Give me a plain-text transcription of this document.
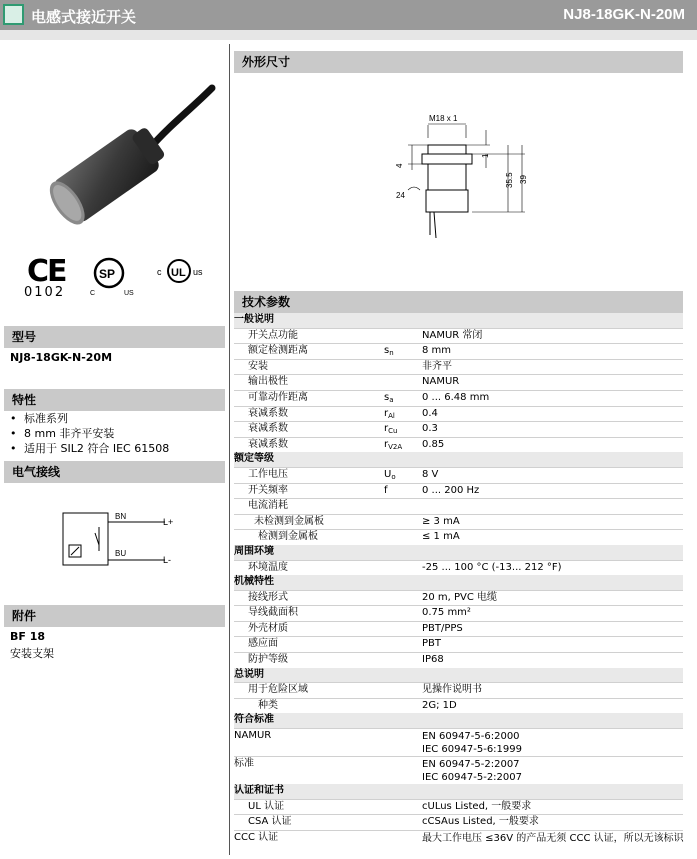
电感式接近开关	NJ8-18GK-N-20M
CE
0102
SP
C	US
c UL us
型号
NJ8-18GK-N-20M
特性
• 标准系列
• 8 mm 非齐平安装
• 适用于 SIL2 符合 IEC 61508
电气接线
BN
BU
L+
L-
附件
BF 18
安装支架
外形尺寸
M18 x 1
1
35.5 39
4
24
技术参数
一般说明
开关点功能	NAMUR 常闭
额定检测距离	$s_n$	8 mm
安装	非齐平
输出极性	NAMUR
可靠动作距离	$s_a$	0 ... 6.48 mm
衰减系数	$r_{Al}$	0.4
衰减系数	$r_{Cu}$ 0.3
衰减系数	$r_{V2A}$ 0.85
额定等级
工作电压	$U_o$	8 V
开关频率	f	0 ... 200 Hz
电流消耗
未检测到金属板	≥ 3 mA
检测到金属板	≤ 1 mA
周围环境
环境温度	-25 ... 100 °C (-13... 212 °F)
机械特性
接线形式	20 m, PVC 电缆
导线截面积	0.75 mm²
外壳材质	PBT/PPS
感应面	PBT
防护等级	IP68
总说明
用于危险区域	见操作说明书
种类	2G; 1D
符合标准
NAMUR	EN 60947-5-6:2000
IEC 60947-5-6:1999
标准	EN 60947-5-2:2007
IEC 60947-5-2:2007
认证和证书
UL 认证	cULus Listed, 一般要求
CSA 认证	cCSAus Listed, 一般要求
CCC 认证	最大工作电压 ≤36V 的产品无须 CCC 认证，所以无该标识
